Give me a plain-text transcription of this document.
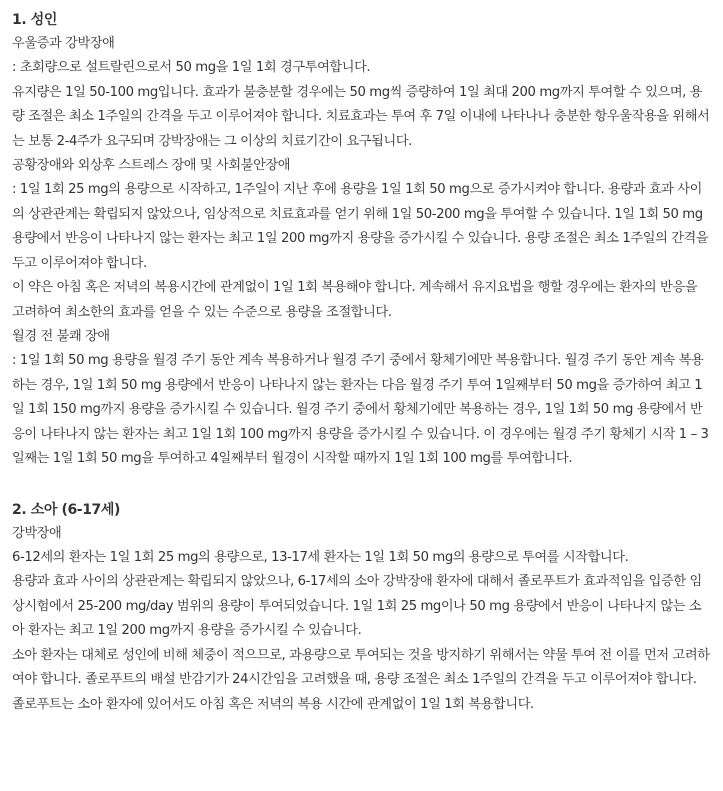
1. 성인
우울증과 강박장애
: 초회량으로 설트랄린으로서 50 mg을 1일 1회 경구투여합니다.
유지량은 1일 50-100 mg입니다. 효과가 불충분할 경우에는 50 mg씩 증량하여 1일 최대 200 mg까지 투여할 수 있으며, 용량 조절은 최소 1주일의 간격을 두고 이루어져야 합니다. 치료효과는 투여 후 7일 이내에 나타나나 충분한 항우울작용을 위해서는 보통 2-4주가 요구되며 강박장애는 그 이상의 치료기간이 요구됩니다.
공황장애와 외상후 스트레스 장애 및 사회불안장애
: 1일 1회 25 mg의 용량으로 시작하고, 1주일이 지난 후에 용량을 1일 1회 50 mg으로 증가시켜야 합니다. 용량과 효과 사이의 상관관계는 확립되지 않았으나, 임상적으로 치료효과를 얻기 위해 1일 50-200 mg을 투여할 수 있습니다. 1일 1회 50 mg 용량에서 반응이 나타나지 않는 환자는 최고 1일 200 mg까지 용량을 증가시킬 수 있습니다. 용량 조절은 최소 1주일의 간격을 두고 이루어져야 합니다.
이 약은 아침 혹은 저녁의 복용시간에 관계없이 1일 1회 복용해야 합니다. 계속해서 유지요법을 행할 경우에는 환자의 반응을 고려하여 최소한의 효과를 얻을 수 있는 수준으로 용량을 조절합니다.
월경 전 불쾌 장애
: 1일 1회 50 mg 용량을 월경 주기 동안 계속 복용하거나 월경 주기 중에서 황체기에만 복용합니다. 월경 주기 동안 계속 복용하는 경우, 1일 1회 50 mg 용량에서 반응이 나타나지 않는 환자는 다음 월경 주기 투여 1일째부터 50 mg을 증가하여 최고 1일 1회 150 mg까지 용량을 증가시킬 수 있습니다. 월경 주기 중에서 황체기에만 복용하는 경우, 1일 1회 50 mg 용량에서 반응이 나타나지 않는 환자는 최고 1일 1회 100 mg까지 용량을 증가시킬 수 있습니다. 이 경우에는 월경 주기 황체기 시작 1 – 3일째는 1일 1회 50 mg을 투여하고 4일째부터 월경이 시작할 때까지 1일 1회 100 mg를 투여합니다.
2. 소아 (6-17세)
강박장애
6-12세의 환자는 1일 1회 25 mg의 용량으로, 13-17세 환자는 1일 1회 50 mg의 용량으로 투여를 시작합니다.
용량과 효과 사이의 상관관계는 확립되지 않았으나, 6-17세의 소아 강박장애 환자에 대해서 졸로푸트가 효과적임을 입증한 임상시험에서 25-200 mg/day 범위의 용량이 투여되었습니다. 1일 1회 25 mg이나 50 mg 용량에서 반응이 나타나지 않는 소아 환자는 최고 1일 200 mg까지 용량을 증가시킬 수 있습니다.
소아 환자는 대체로 성인에 비해 체중이 적으므로, 과용량으로 투여되는 것을 방지하기 위해서는 약물 투여 전 이를 먼저 고려하여야 합니다. 졸로푸트의 배설 반감기가 24시간임을 고려했을 때, 용량 조절은 최소 1주일의 간격을 두고 이루어져야 합니다.
졸로푸트는 소아 환자에 있어서도 아침 혹은 저녁의 복용 시간에 관계없이 1일 1회 복용합니다.
